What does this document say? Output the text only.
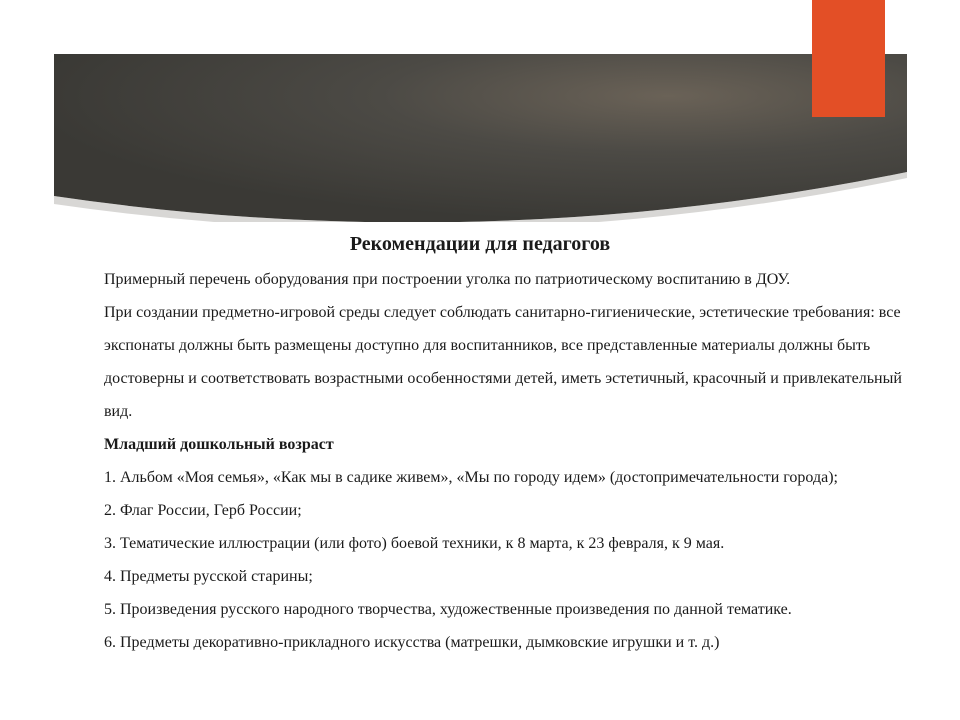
Рекомендации для педагогов

Примерный перечень оборудования при построении уголка по патриотическому воспитанию в ДОУ.

При создании предметно-игровой среды следует соблюдать санитарно-гигиенические, эстетические требования: все экспонаты должны быть размещены доступно для воспитанников, все представленные материалы должны быть достоверны и соответствовать возрастными особенностями детей, иметь эстетичный, красочный и привлекательный вид.

Младший дошкольный возраст

1. Альбом «Моя семья», «Как мы в садике живем», «Мы по городу идем» (достопримечательности города);

2. Флаг России, Герб России;

3. Тематические иллюстрации (или фото) боевой техники, к 8 марта, к 23 февраля, к 9 мая.

4. Предметы русской старины;

5. Произведения русского народного творчества, художественные произведения по данной тематике.

6. Предметы декоративно-прикладного искусства (матрешки, дымковские игрушки и т. д.)
